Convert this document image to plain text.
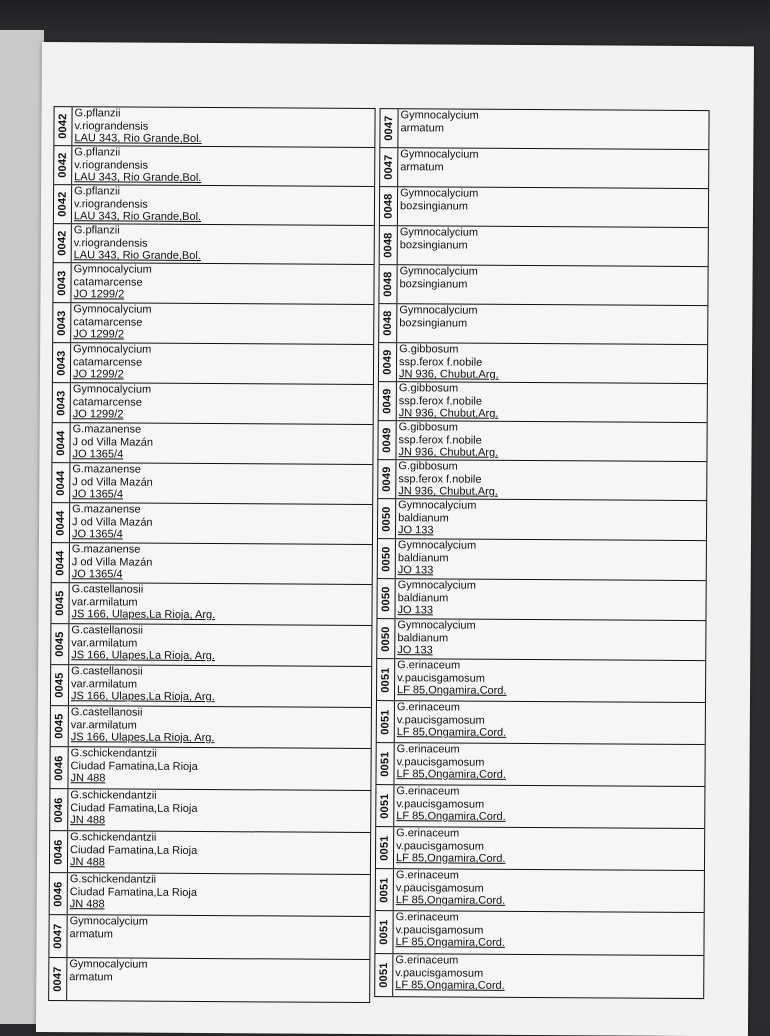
0042
G.pflanzii
v.riograndensis
LAU 343, Rio Grande,Bol.
0042
G.pflanzii
v.riograndensis
LAU 343, Rio Grande,Bol.
0042
G.pflanzii
v.riograndensis
LAU 343, Rio Grande,Bol.
0042
G.pflanzii
v.riograndensis
LAU 343, Rio Grande,Bol.
0043
Gymnocalycium
catamarcense
JO 1299/2
0043
Gymnocalycium
catamarcense
JO 1299/2
0043
Gymnocalycium
catamarcense
JO 1299/2
0043
Gymnocalycium
catamarcense
JO 1299/2
0044
G.mazanense
J od Villa Mazán
JO 1365/4
0044
G.mazanense
J od Villa Mazán
JO 1365/4
0044
G.mazanense
J od Villa Mazán
JO 1365/4
0044
G.mazanense
J od Villa Mazán
JO 1365/4
0045
G.castellanosii
var.armilatum
JS 166, Ulapes,La Rioja, Arg.
0045
G.castellanosii
var.armilatum
JS 166, Ulapes,La Rioja, Arg.
0045
G.castellanosii
var.armilatum
JS 166, Ulapes,La Rioja, Arg.
0045
G.castellanosii
var.armilatum
JS 166, Ulapes,La Rioja, Arg.
0046
G.schickendantzii
Ciudad Famatina,La Rioja
JN 488
0046
G.schickendantzii
Ciudad Famatina,La Rioja
JN 488
0046
G.schickendantzii
Ciudad Famatina,La Rioja
JN 488
0046
G.schickendantzii
Ciudad Famatina,La Rioja
JN 488
0047
Gymnocalycium
armatum
0047
Gymnocalycium
armatum
0047
Gymnocalycium
armatum
0047
Gymnocalycium
armatum
0048
Gymnocalycium
bozsingianum
0048
Gymnocalycium
bozsingianum
0048
Gymnocalycium
bozsingianum
0048
Gymnocalycium
bozsingianum
0049
G.gibbosum
ssp.ferox f.nobile
JN 936, Chubut,Arg.
0049
G.gibbosum
ssp.ferox f.nobile
JN 936, Chubut,Arg.
0049
G.gibbosum
ssp.ferox f.nobile
JN 936, Chubut,Arg.
0049
G.gibbosum
ssp.ferox f.nobile
JN 936, Chubut,Arg.
0050
Gymnocalycium
baldianum
JO 133
0050
Gymnocalycium
baldianum
JO 133
0050
Gymnocalycium
baldianum
JO 133
0050
Gymnocalycium
baldianum
JO 133
0051
G.erinaceum
v.paucisgamosum
LF 85,Ongamira,Cord.
0051
G.erinaceum
v.paucisgamosum
LF 85,Ongamira,Cord.
0051
G.erinaceum
v.paucisgamosum
LF 85,Ongamira,Cord.
0051
G.erinaceum
v.paucisgamosum
LF 85,Ongamira,Cord.
0051
G.erinaceum
v.paucisgamosum
LF 85,Ongamira,Cord.
0051
G.erinaceum
v.paucisgamosum
LF 85,Ongamira,Cord.
0051
G.erinaceum
v.paucisgamosum
LF 85,Ongamira,Cord.
0051
G.erinaceum
v.paucisgamosum
LF 85,Ongamira,Cord.
